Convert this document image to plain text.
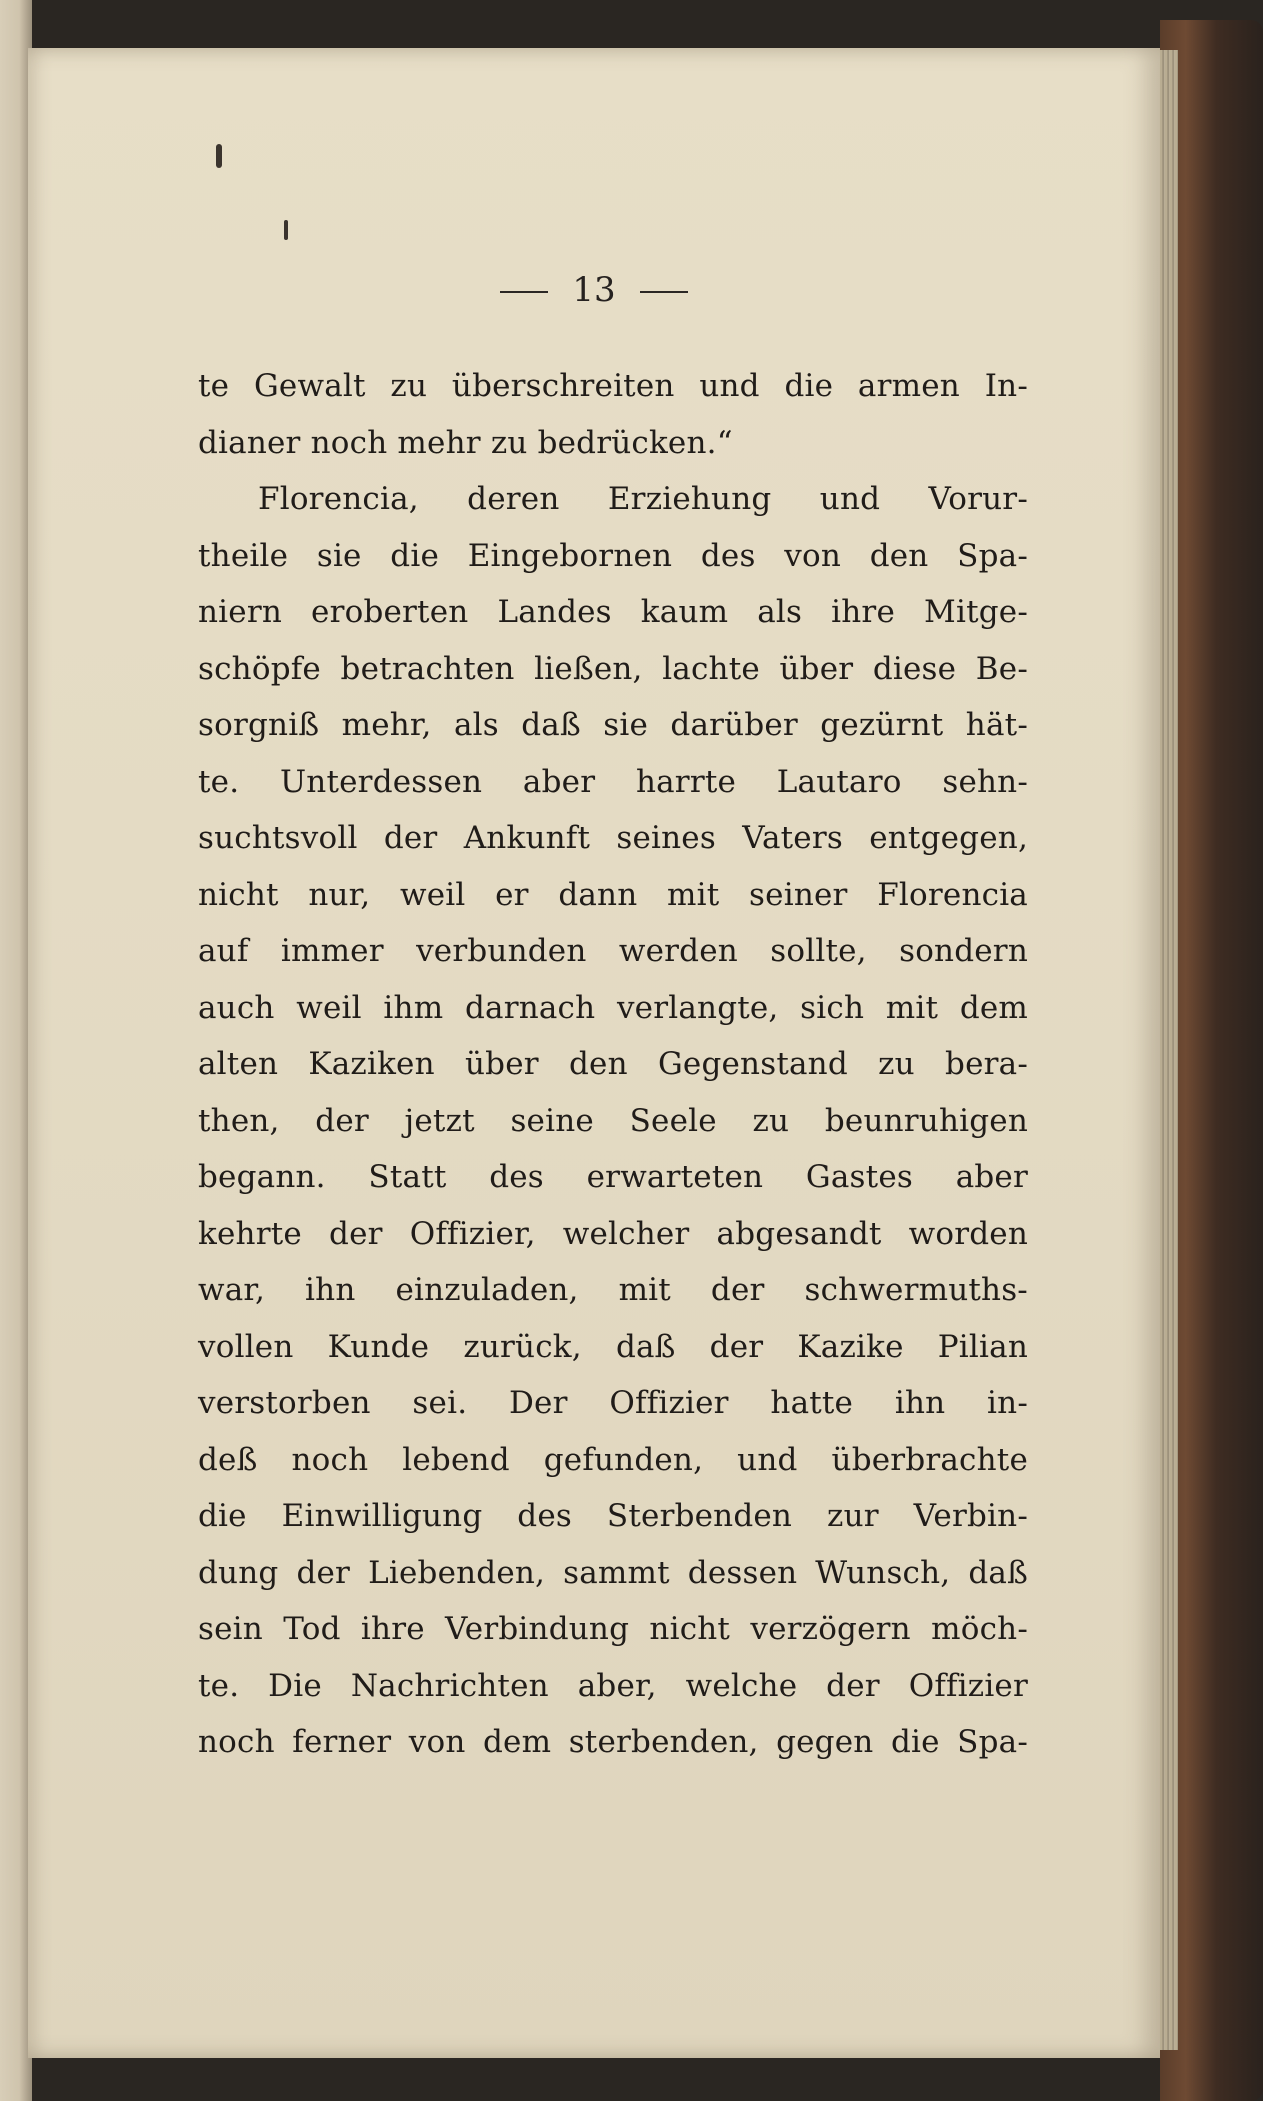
13
te Gewalt zu überschreiten und die armen In-
dianer noch mehr zu bedrücken.“
Florencia, deren Erziehung und Vorur-
theile sie die Eingebornen des von den Spa-
niern eroberten Landes kaum als ihre Mitge-
schöpfe betrachten ließen, lachte über diese Be-
sorgniß mehr, als daß sie darüber gezürnt hät-
te. Unterdessen aber harrte Lautaro sehn-
suchtsvoll der Ankunft seines Vaters entgegen,
nicht nur, weil er dann mit seiner Florencia
auf immer verbunden werden sollte, sondern
auch weil ihm darnach verlangte, sich mit dem
alten Kaziken über den Gegenstand zu bera-
then, der jetzt seine Seele zu beunruhigen
begann. Statt des erwarteten Gastes aber
kehrte der Offizier, welcher abgesandt worden
war, ihn einzuladen, mit der schwermuths-
vollen Kunde zurück, daß der Kazike Pilian
verstorben sei. Der Offizier hatte ihn in-
deß noch lebend gefunden, und überbrachte
die Einwilligung des Sterbenden zur Verbin-
dung der Liebenden, sammt dessen Wunsch, daß
sein Tod ihre Verbindung nicht verzögern möch-
te. Die Nachrichten aber, welche der Offizier
noch ferner von dem sterbenden, gegen die Spa-
